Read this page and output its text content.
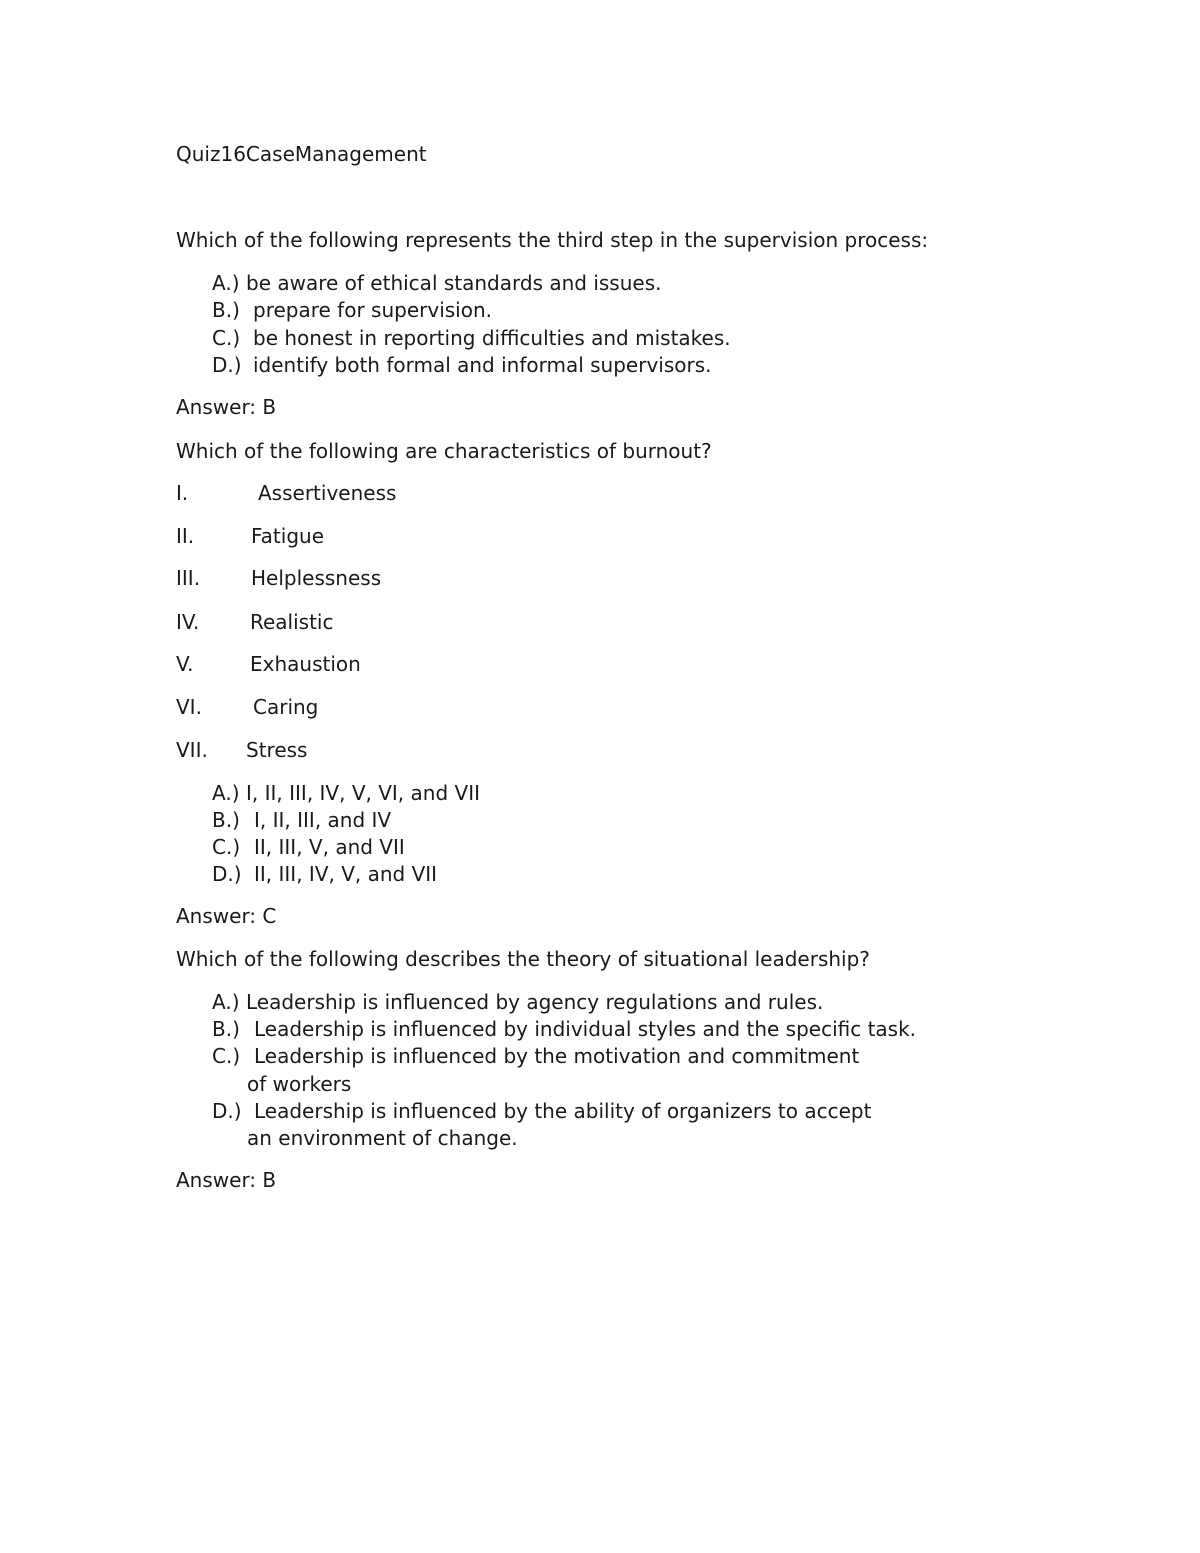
Quiz16CaseManagement
Which of the following represents the third step in the supervision process:
A.) be aware of ethical standards and issues.
B.) prepare for supervision.
C.) be honest in reporting difficulties and mistakes.
D.) identify both formal and informal supervisors.
Answer: B
Which of the following are characteristics of burnout?
I.	Assertiveness
II.	Fatigue
III.	Helplessness
IV.	Realistic
V.	Exhaustion
VI.	Caring
VII. Stress
A.) I, II, III, IV, V, VI, and VII
B.) I, II, III, and IV
C.) II, III, V, and VII
D.) II, III, IV, V, and VII
Answer: C
Which of the following describes the theory of situational leadership?
A.) Leadership is influenced by agency regulations and rules.
B.) Leadership is influenced by individual styles and the specific task.
C.) Leadership is influenced by the motivation and commitment
of workers
D.) Leadership is influenced by the ability of organizers to accept
an environment of change.
Answer: B
